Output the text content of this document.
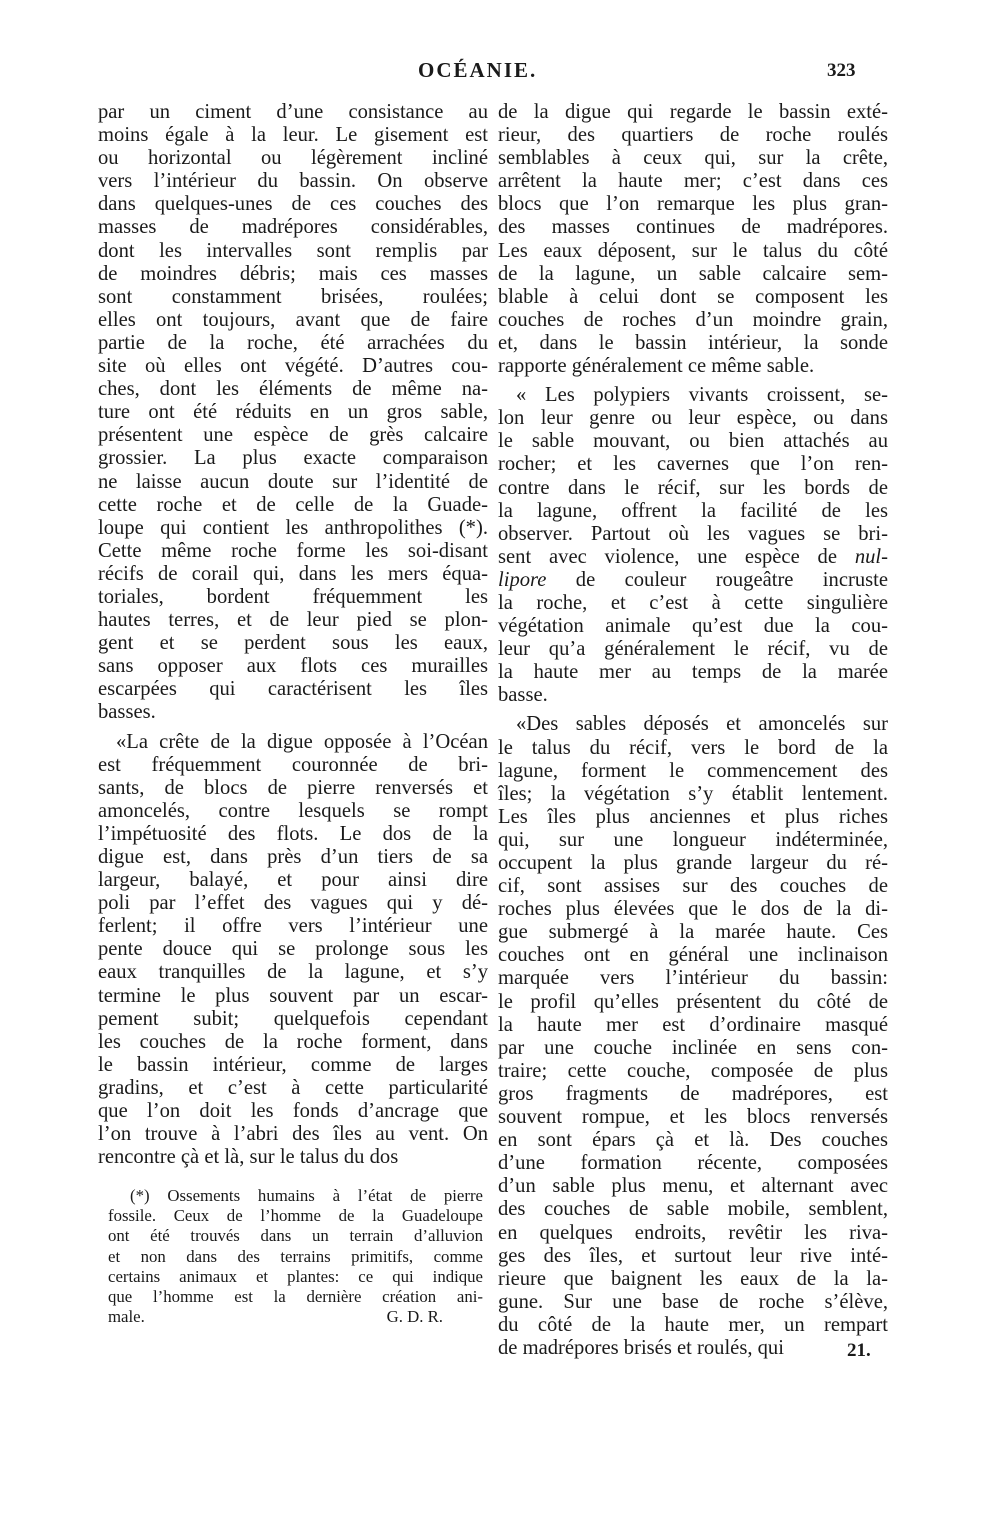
OCÉANIE.	323
par un ciment d’une consistance au
moins égale à la leur. Le gisement est
ou horizontal ou légèrement incliné
vers l’intérieur du bassin. On observe
dans quelques-unes de ces couches des
masses de madrépores considérables,
dont les intervalles sont remplis par
de moindres débris; mais ces masses
sont constamment brisées, roulées;
elles ont toujours, avant que de faire
partie de la roche, été arrachées du
site où elles ont végété. D’autres cou-
ches, dont les éléments de même na-
ture ont été réduits en un gros sable,
présentent une espèce de grès calcaire
grossier. La plus exacte comparaison
ne laisse aucun doute sur l’identité de
cette roche et de celle de la Guade-
loupe qui contient les anthropolithes (*).
Cette même roche forme les soi-disant
récifs de corail qui, dans les mers équa-
toriales, bordent fréquemment les
hautes terres, et de leur pied se plon-
gent et se perdent sous les eaux,
sans opposer aux flots ces murailles
escarpées qui caractérisent les îles
basses.
«La crête de la digue opposée à l’Océan
est fréquemment couronnée de bri-
sants, de blocs de pierre renversés et
amoncelés, contre lesquels se rompt
l’impétuosité des flots. Le dos de la
digue est, dans près d’un tiers de sa
largeur, balayé, et pour ainsi dire
poli par l’effet des vagues qui y dé-
ferlent; il offre vers l’intérieur une
pente douce qui se prolonge sous les
eaux tranquilles de la lagune, et s’y
termine le plus souvent par un escar-
pement subit; quelquefois cependant
les couches de la roche forment, dans
le bassin intérieur, comme de larges
gradins, et c’est à cette particularité
que l’on doit les fonds d’ancrage que
l’on trouve à l’abri des îles au vent. On
rencontre çà et là, sur le talus du dos
de la digue qui regarde le bassin exté-
rieur, des quartiers de roche roulés
semblables à ceux qui, sur la crête,
arrêtent la haute mer; c’est dans ces
blocs que l’on remarque les plus gran-
des masses continues de madrépores.
Les eaux déposent, sur le talus du côté
de la lagune, un sable calcaire sem-
blable à celui dont se composent les
couches de roches d’un moindre grain,
et, dans le bassin intérieur, la sonde
rapporte généralement ce même sable.
« Les polypiers vivants croissent, se-
lon leur genre ou leur espèce, ou dans
le sable mouvant, ou bien attachés au
rocher; et les cavernes que l’on ren-
contre dans le récif, sur les bords de
la lagune, offrent la facilité de les
observer. Partout où les vagues se bri-
sent avec violence, une espèce de nul-
lipore de couleur rougeâtre incruste
la roche, et c’est à cette singulière
végétation animale qu’est due la cou-
leur qu’a généralement le récif, vu de
la haute mer au temps de la marée
basse.
«Des sables déposés et amoncelés sur
le talus du récif, vers le bord de la
lagune, forment le commencement des
îles; la végétation s’y établit lentement.
Les îles plus anciennes et plus riches
qui, sur une longueur indéterminée,
occupent la plus grande largeur du ré-
cif, sont assises sur des couches de
roches plus élevées que le dos de la di-
gue submergé à la marée haute. Ces
couches ont en général une inclinaison
marquée vers l’intérieur du bassin:
le profil qu’elles présentent du côté de
la haute mer est d’ordinaire masqué
par une couche inclinée en sens con-
traire; cette couche, composée de plus
gros fragments de madrépores, est
souvent rompue, et les blocs renversés
en sont épars çà et là. Des couches
d’une formation récente, composées
d’un sable plus menu, et alternant avec
des couches de sable mobile, semblent,
en quelques endroits, revêtir les riva-
ges des îles, et surtout leur rive inté-
rieure que baignent les eaux de la la-
gune. Sur une base de roche s’élève,
du côté de la haute mer, un rempart
de madrépores brisés et roulés, qui
(*) Ossements humains à l’état de pierre
fossile. Ceux de l’homme de la Guadeloupe
ont été trouvés dans un terrain d’alluvion
et non dans des terrains primitifs, comme
certains animaux et plantes: ce qui indique
que l’homme est la dernière création ani-
male.	G. D. R.
21.
